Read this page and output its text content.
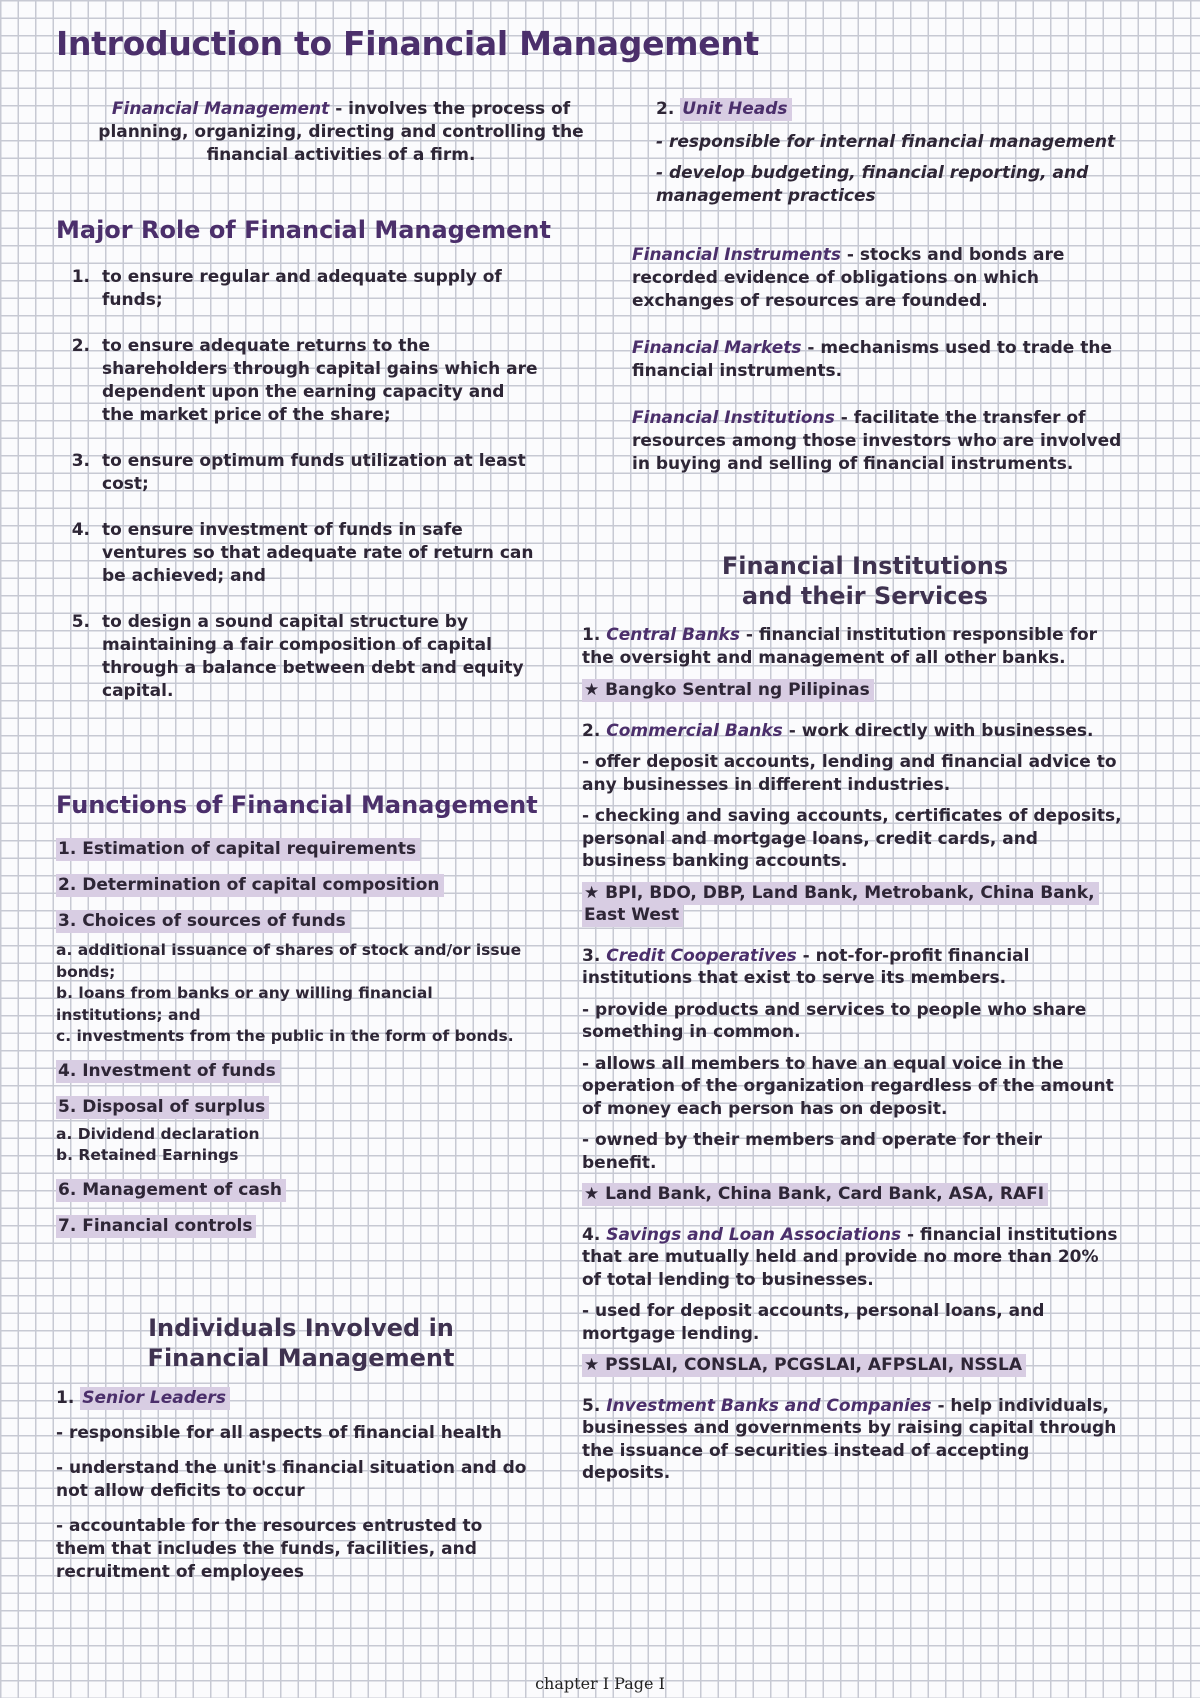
Introduction to Financial Management
Financial Management - involves the process of planning, organizing, directing and controlling the financial activities of a firm.
Major Role of Financial Management
1. to ensure regular and adequate supply of funds;
2. to ensure adequate returns to the shareholders through capital gains which are dependent upon the earning capacity and the market price of the share;
3. to ensure optimum funds utilization at least cost;
4. to ensure investment of funds in safe ventures so that adequate rate of return can be achieved; and
5. to design a sound capital structure by maintaining a fair composition of capital through a balance between debt and equity capital.
Functions of Financial Management
1. Estimation of capital requirements
2. Determination of capital composition
3. Choices of sources of funds
a. additional issuance of shares of stock and/or issue bonds;
b. loans from banks or any willing financial institutions; and
c. investments from the public in the form of bonds.
4. Investment of funds
5. Disposal of surplus
a. Dividend declaration
b. Retained Earnings
6. Management of cash
7. Financial controls
Individuals Involved in
Financial Management
1. Senior Leaders
- responsible for all aspects of financial health
- understand the unit's financial situation and do not allow deficits to occur
- accountable for the resources entrusted to them that includes the funds, facilities, and recruitment of employees
2. Unit Heads
- responsible for internal financial management
- develop budgeting, financial reporting, and management practices
Financial Instruments - stocks and bonds are recorded evidence of obligations on which exchanges of resources are founded.
Financial Markets - mechanisms used to trade the financial instruments.
Financial Institutions - facilitate the transfer of resources among those investors who are involved in buying and selling of financial instruments.
Financial Institutions
and their Services
1. Central Banks - financial institution responsible for the oversight and management of all other banks.
★ Bangko Sentral ng Pilipinas
2. Commercial Banks - work directly with businesses.
- offer deposit accounts, lending and financial advice to any businesses in different industries.
- checking and saving accounts, certificates of deposits, personal and mortgage loans, credit cards, and business banking accounts.
★ BPI, BDO, DBP, Land Bank, Metrobank, China Bank, East West
3. Credit Cooperatives - not-for-profit financial institutions that exist to serve its members.
- provide products and services to people who share something in common.
- allows all members to have an equal voice in the operation of the organization regardless of the amount of money each person has on deposit.
- owned by their members and operate for their benefit.
★ Land Bank, China Bank, Card Bank, ASA, RAFI
4. Savings and Loan Associations - financial institutions that are mutually held and provide no more than 20% of total lending to businesses.
- used for deposit accounts, personal loans, and mortgage lending.
★ PSSLAI, CONSLA, PCGSLAI, AFPSLAI, NSSLA
5. Investment Banks and Companies - help individuals, businesses and governments by raising capital through the issuance of securities instead of accepting deposits.
chapter I Page I
